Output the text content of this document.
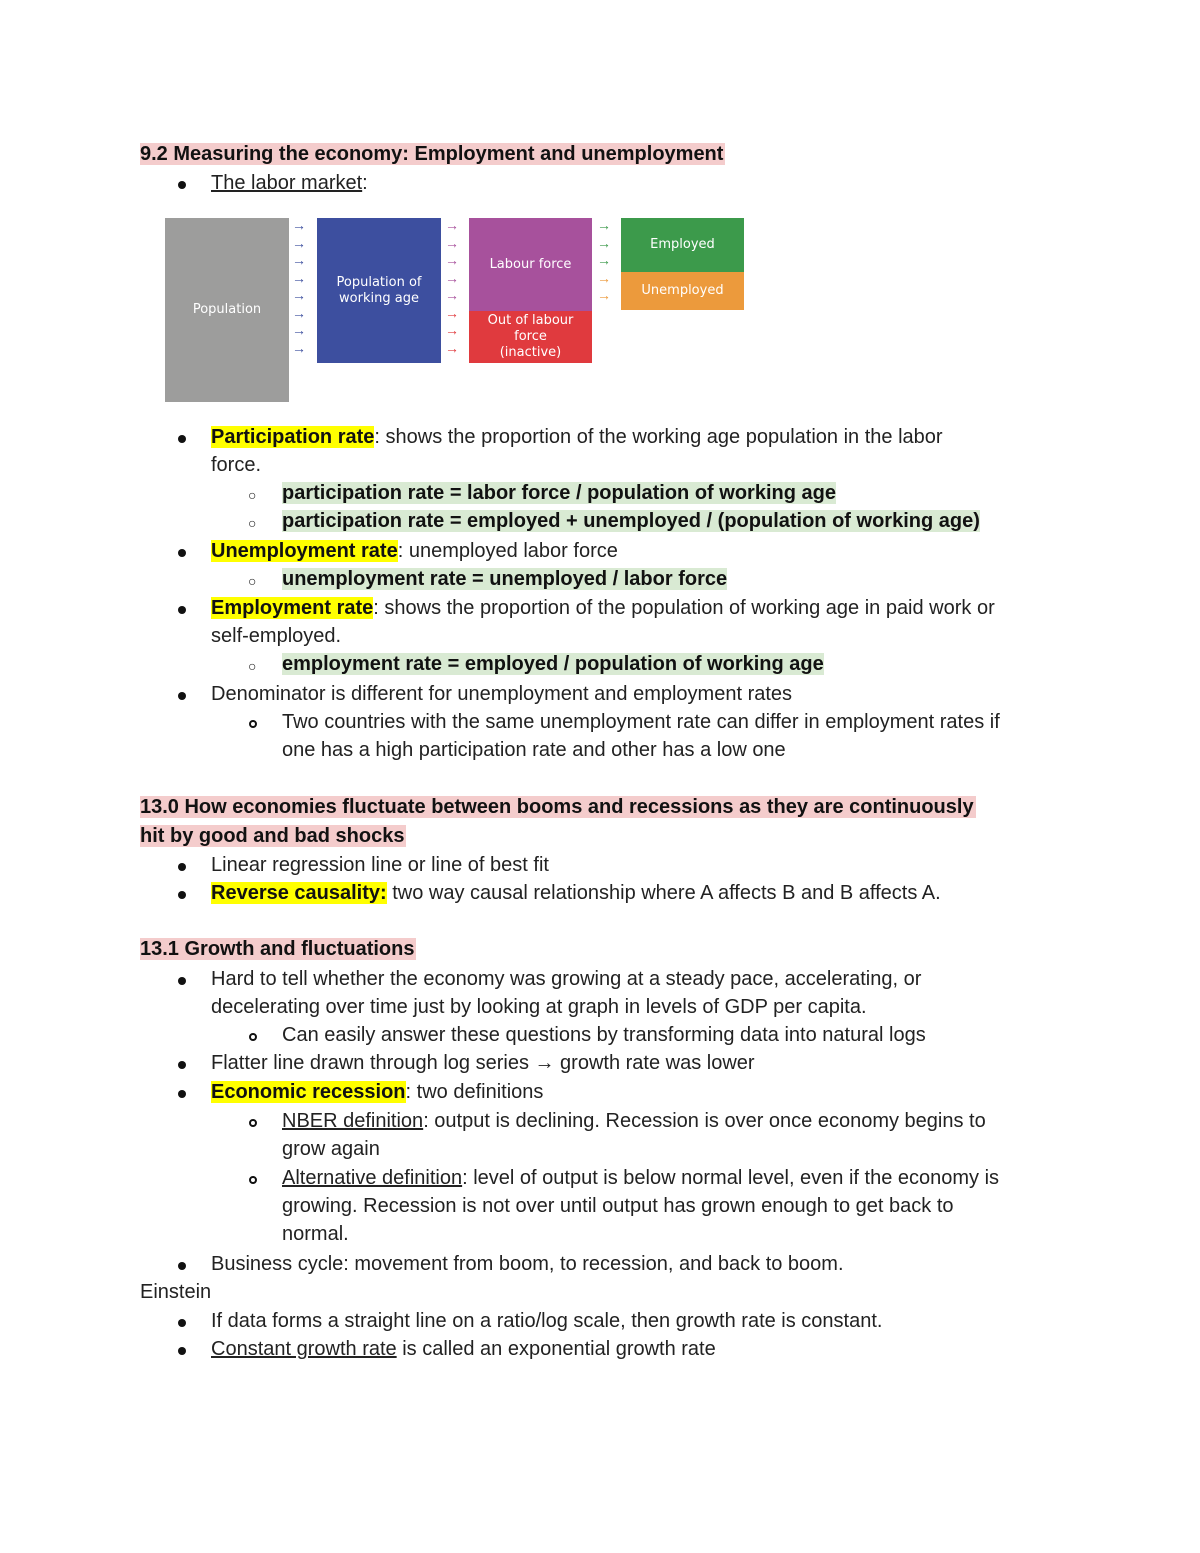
9.2 Measuring the economy: Employment and unemployment
The labor market:
Population
→
→
→
→
→
→
→
→
Population of working age
→
→
→
→
→
→
→
→
Labour force
Out of labour force (inactive)
→
→
→
→
→
Employed
Unemployed
Participation rate: shows the proportion of the working age population in the labor
force.
○ participation rate = labor force / population of working age
○ participation rate = employed + unemployed / (population of working age)
Unemployment rate: unemployed labor force
○ unemployment rate = unemployed / labor force
Employment rate: shows the proportion of the population of working age in paid work or
self-employed.
○ employment rate = employed / population of working age
Denominator is different for unemployment and employment rates
Two countries with the same unemployment rate can differ in employment rates if
one has a high participation rate and other has a low one
13.0 How economies fluctuate between booms and recessions as they are continuously
hit by good and bad shocks
Linear regression line or line of best fit
Reverse causality: two way causal relationship where A affects B and B affects A.
13.1 Growth and fluctuations
Hard to tell whether the economy was growing at a steady pace, accelerating, or
decelerating over time just by looking at graph in levels of GDP per capita.
Can easily answer these questions by transforming data into natural logs
Flatter line drawn through log series → growth rate was lower
Economic recession: two definitions
NBER definition: output is declining. Recession is over once economy begins to
grow again
Alternative definition: level of output is below normal level, even if the economy is
growing. Recession is not over until output has grown enough to get back to
normal.
Business cycle: movement from boom, to recession, and back to boom.
Einstein
If data forms a straight line on a ratio/log scale, then growth rate is constant.
Constant growth rate is called an exponential growth rate
